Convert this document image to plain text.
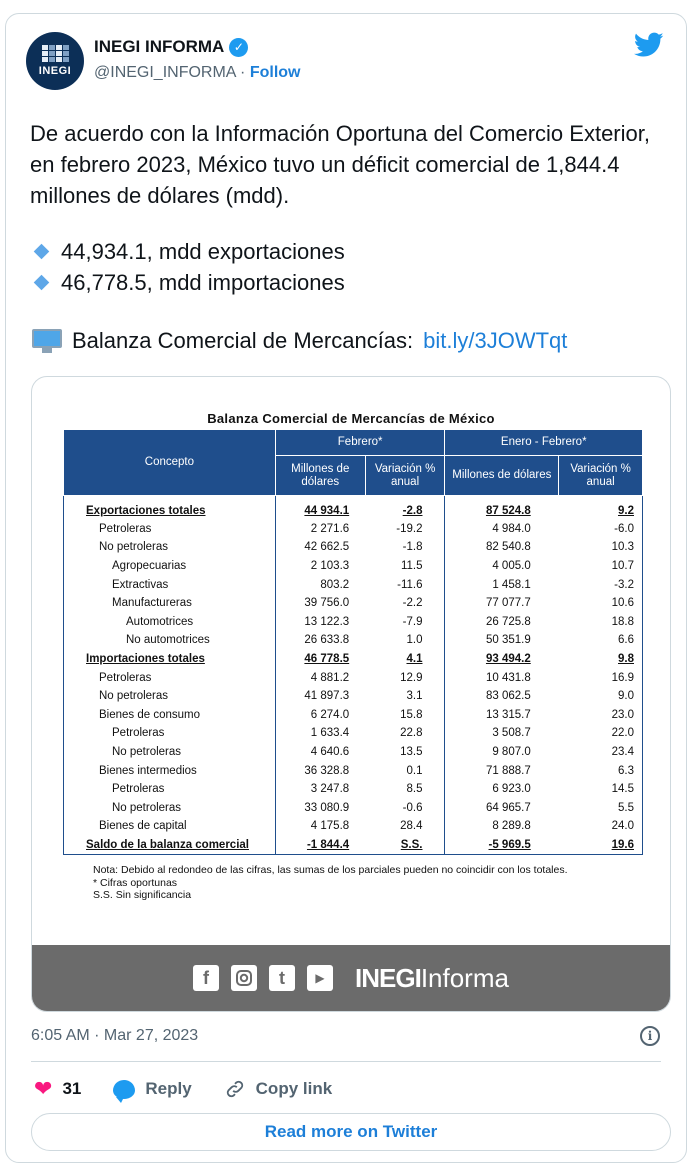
INEGI
INEGI INFORMA ✓
@INEGI_INFORMA · Follow
De acuerdo con la Información Oportuna del Comercio Exterior, en febrero 2023, México tuvo un déficit comercial de 1,844.4 millones de dólares (mdd).
44,934.1, mdd exportaciones
46,778.5, mdd importaciones
Balanza Comercial de Mercancías: bit.ly/3JOWTqt
Balanza Comercial de Mercancías de México
Concepto	Febrero*		Enero - Febrero*	
	Millones de dólares	Variación % anual	Millones de dólares	Variación % anual
Exportaciones totales	44 934.1	-2.8	87 524.8	9.2
Petroleras	2 271.6	-19.2	4 984.0	-6.0
No petroleras	42 662.5	-1.8	82 540.8	10.3
Agropecuarias	2 103.3	11.5	4 005.0	10.7
Extractivas	803.2	-11.6	1 458.1	-3.2
Manufactureras	39 756.0	-2.2	77 077.7	10.6
Automotrices	13 122.3	-7.9	26 725.8	18.8
No automotrices	26 633.8	1.0	50 351.9	6.6
Importaciones totales	46 778.5	4.1	93 494.2	9.8
Petroleras	4 881.2	12.9	10 431.8	16.9
No petroleras	41 897.3	3.1	83 062.5	9.0
Bienes de consumo	6 274.0	15.8	13 315.7	23.0
Petroleras	1 633.4	22.8	3 508.7	22.0
No petroleras	4 640.6	13.5	9 807.0	23.4
Bienes intermedios	36 328.8	0.1	71 888.7	6.3
Petroleras	3 247.8	8.5	6 923.0	14.5
No petroleras	33 080.9	-0.6	64 965.7	5.5
Bienes de capital	4 175.8	28.4	8 289.8	24.0
Saldo de la balanza comercial	-1 844.4	S.S.	-5 969.5	19.6
Nota: Debido al redondeo de las cifras, las sumas de los parciales pueden no coincidir con los totales.
* Cifras oportunas
S.S. Sin significancia
f	t	▶	INEGIInforma
6:05 AM · Mar 27, 2023	i
❤ 31	Reply	Copy link
Read more on Twitter
